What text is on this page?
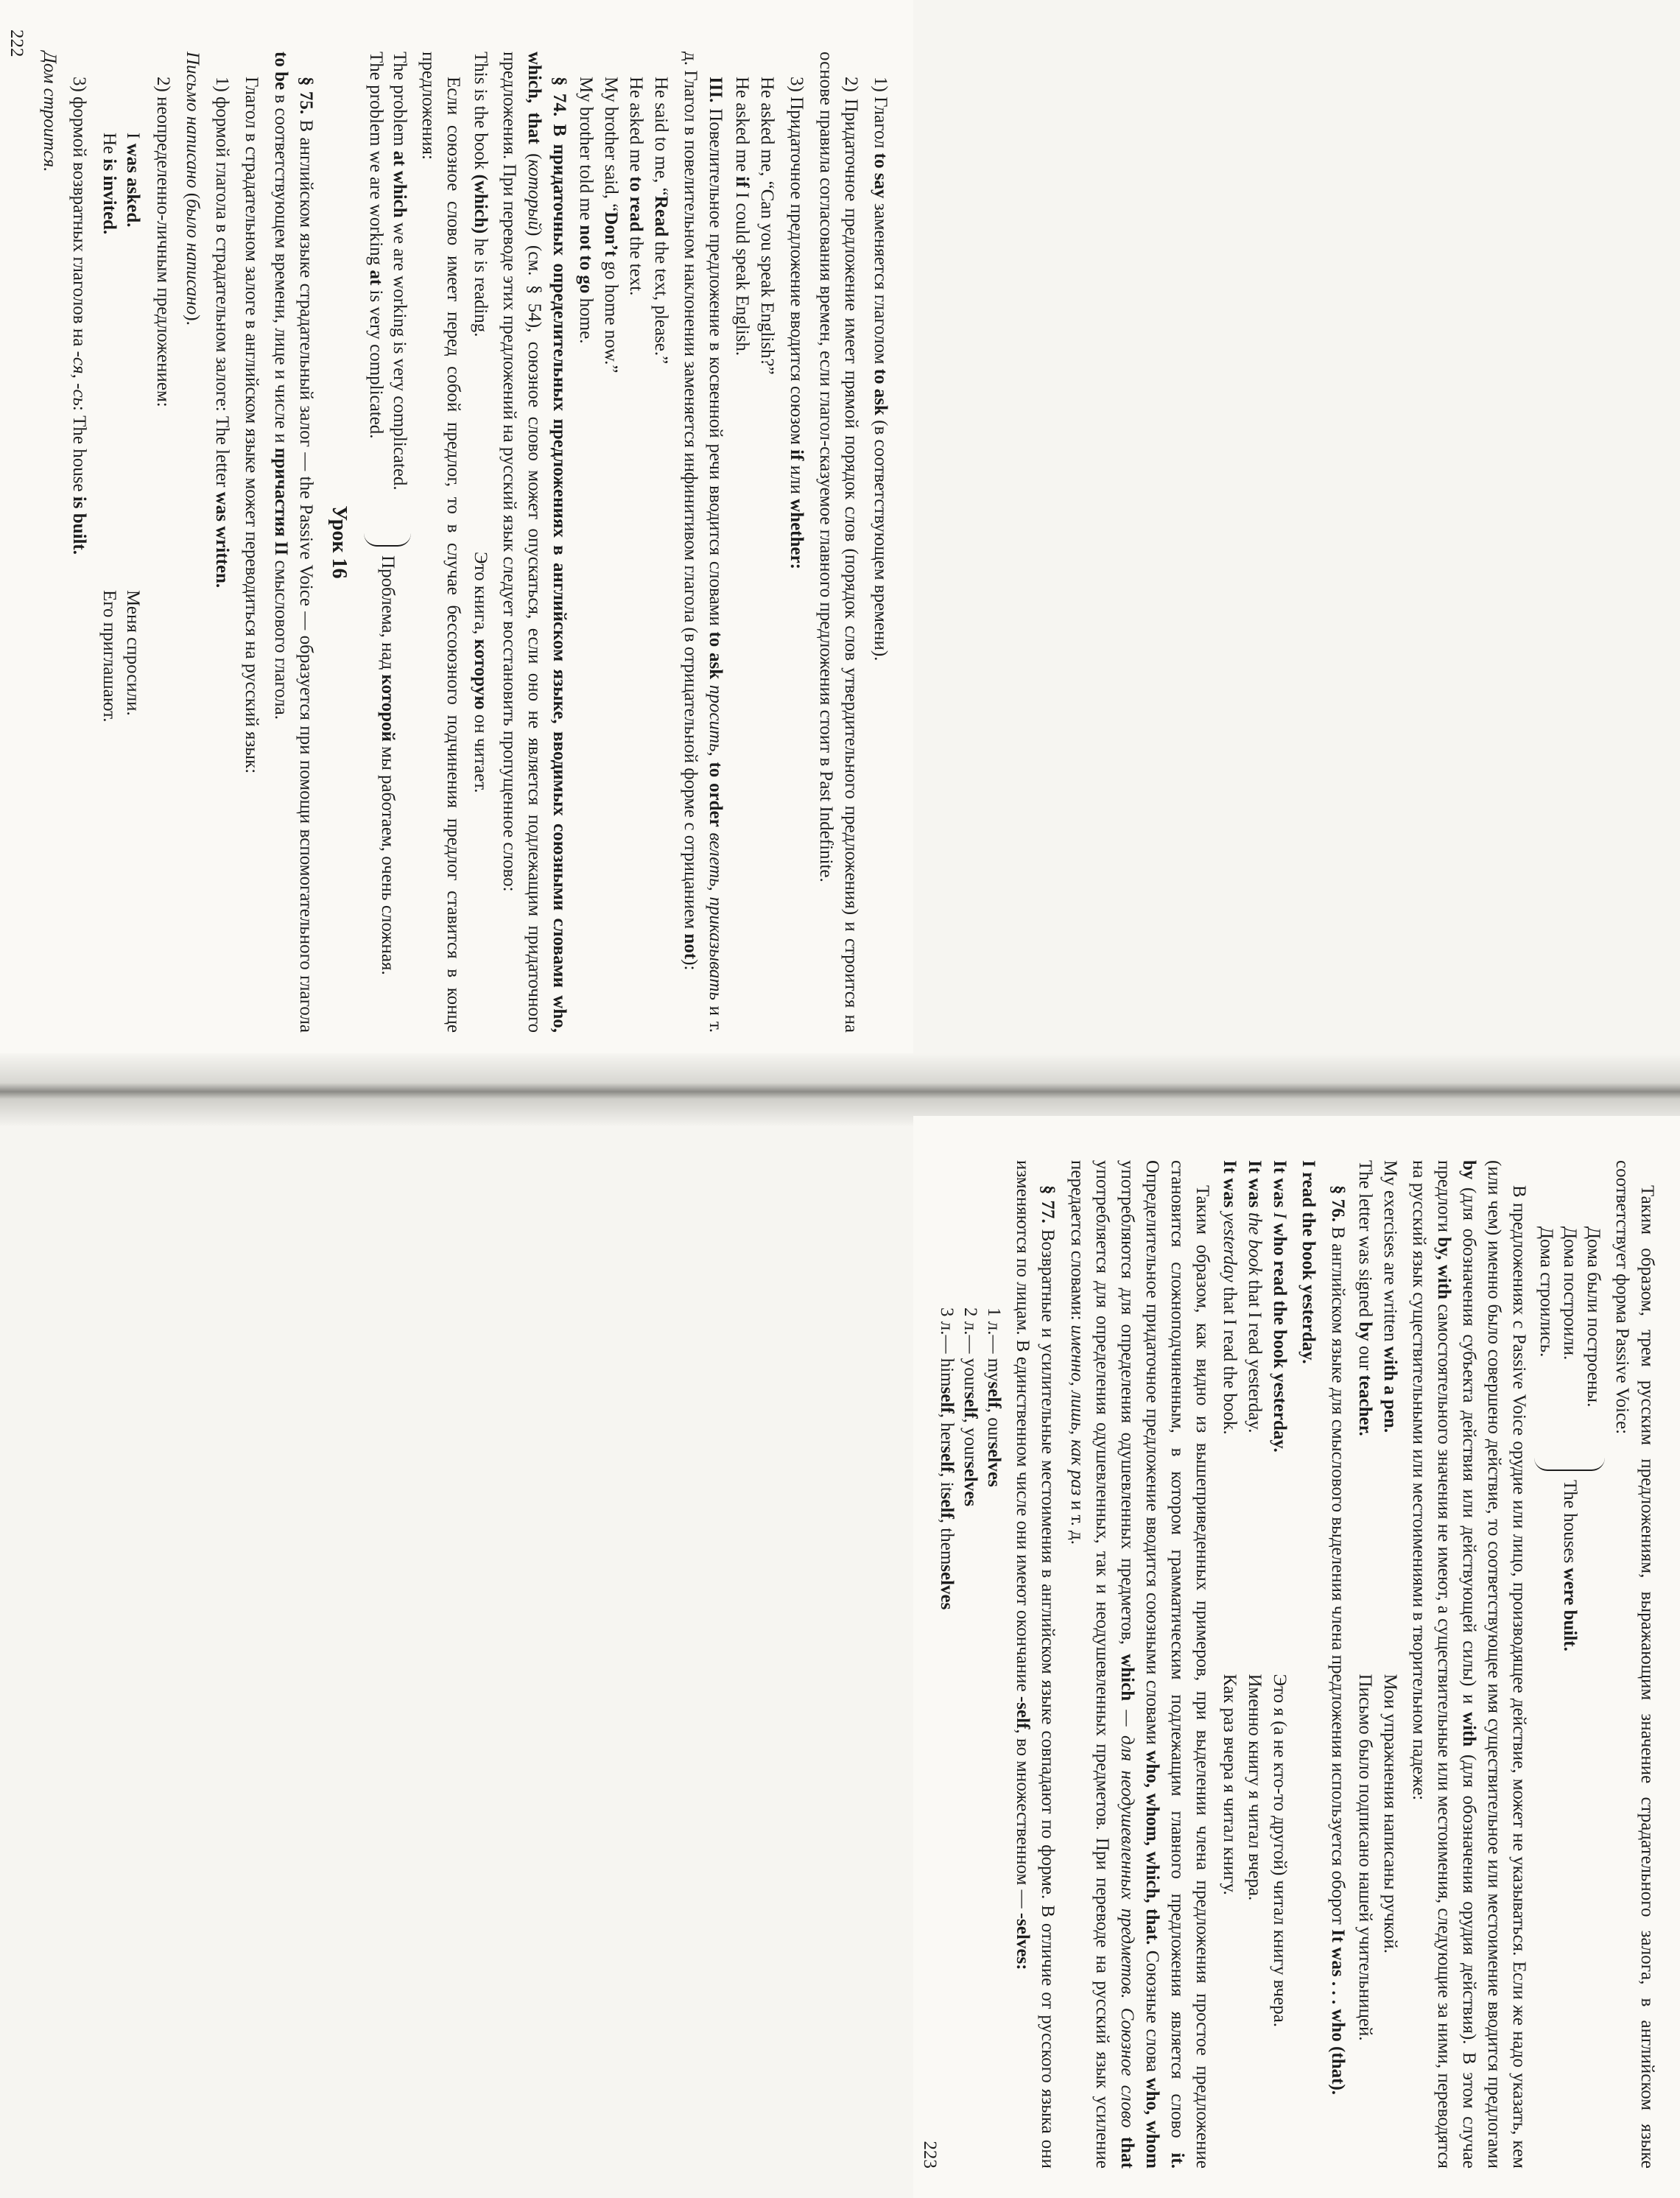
1) Глагол to say заменяется глаголом to ask (в соответствующем времени).

2) Придаточное предложение имеет прямой порядок слов (порядок слов утвердительного предложения) и строится на основе правила согласования времен, если глагол-сказуемое главного предложения стоит в Past Indefinite.

3) Придаточное предложение вводится союзом if или whether:

He asked me, “Can you speak English?”

He asked me if I could speak English.

III. Повелительное предложение в косвенной речи вводится словами to ask просить, to order велеть, приказывать и т. д. Глагол в повелительном наклонении заменяется инфинитивом глагола (в отрицательной форме с отрицанием not):

He said to me, “Read the text, please.”

He asked me to read the text.

My brother said, “Don’t go home now.”

My brother told me not to go home.

§ 74. В придаточных определительных предложениях в английском языке, вводимых союзными словами who, which, that (который) (см. § 54), союзное слово может опускаться, если оно не является подлежащим придаточного предложения. При переводе этих предложений на русский язык следует восстановить пропущенное слово:

This is the book (which) he is reading.
Это книга, которую он читает.

Если союзное слово имеет перед собой предлог, то в случае бессоюзного подчинения предлог ставится в конце предложения:

The problem at which we are working is very complicated.
The problem we are working at is very complicated.
Проблема, над которой мы работаем, очень сложная.
Урок 16

§ 75. В английском языке страдательный залог — the Passive Voice — образуется при помощи вспомогательного глагола to be в соответствующем времени, лице и числе и причастия II смыслового глагола.

Глагол в страдательном залоге в английском языке может переводиться на русский язык:

1) формой глагола в страдательном залоге: The letter was written.

Письмо написано (было написано).

2) неопределенно-личным предложением:

I was asked.
Меня спросили.
He is invited.
Его приглашают.

3) формой возвратных глаголов на -ся, -сь: The house is built.

Дом строится.

222

Таким образом, трем русским предложениям, выражающим значение страдательного залога, в английском языке соответствует форма Passive Voice:

Дома были построены.
Дома построили.
Дома строились.
The houses were built.

В предложениях с Passive Voice орудие или лицо, производящее действие, может не указываться. Если же надо указать, кем (или чем) именно было совершено действие, то соответствующее имя существительное или местоимение вводится предлогами by (для обозначения субъекта действия или действующей силы) и with (для обозначения орудия действия). В этом случае предлоги by, with самостоятельного значения не имеют, а существительные или местоимения, следующие за ними, переводятся на русский язык существительными или местоимениями в творительном падеже:

My exercises are written with a pen.
Мои упражнения написаны ручкой.
The letter was signed by our teacher.
Письмо было подписано нашей учительницей.

§ 76. В английском языке для смыслового выделения члена предложения используется оборот It was . . . who (that).

I read the book yesterday.

It was I who read the book yesterday.
Это я (а не кто-то другой) читал книгу вчера.
It was the book that I read yesterday.
Именно книгу я читал вчера.
It was yesterday that I read the book.
Как раз вчера я читал книгу.

Таким образом, как видно из вышеприведенных примеров, при выделении члена предложения простое предложение становится сложноподчиненным, в котором грамматическим подлежащим главного предложения является слово it. Определительное придаточное предложение вводится союзными словами who, whom, which, that. Союзные слова who, whom употребляются для определения одушевленных предметов, which — для неодушевленных предметов. Союзное слово that употребляется для определения одушевленных, так и неодушевленных предметов. При переводе на русский язык усиление передается словами: именно, лишь, как раз и т. д.

§ 77. Возвратные и усилительные местоимения в английском языке совпадают по форме. В отличие от русского языка они изменяются по лицам. В единственном числе они имеют окончание -self, во множественном — -selves:

1 л.— myself, ourselves
2 л.— yourself, yourselves
3 л.— himself, herself, itself, themselves
223
